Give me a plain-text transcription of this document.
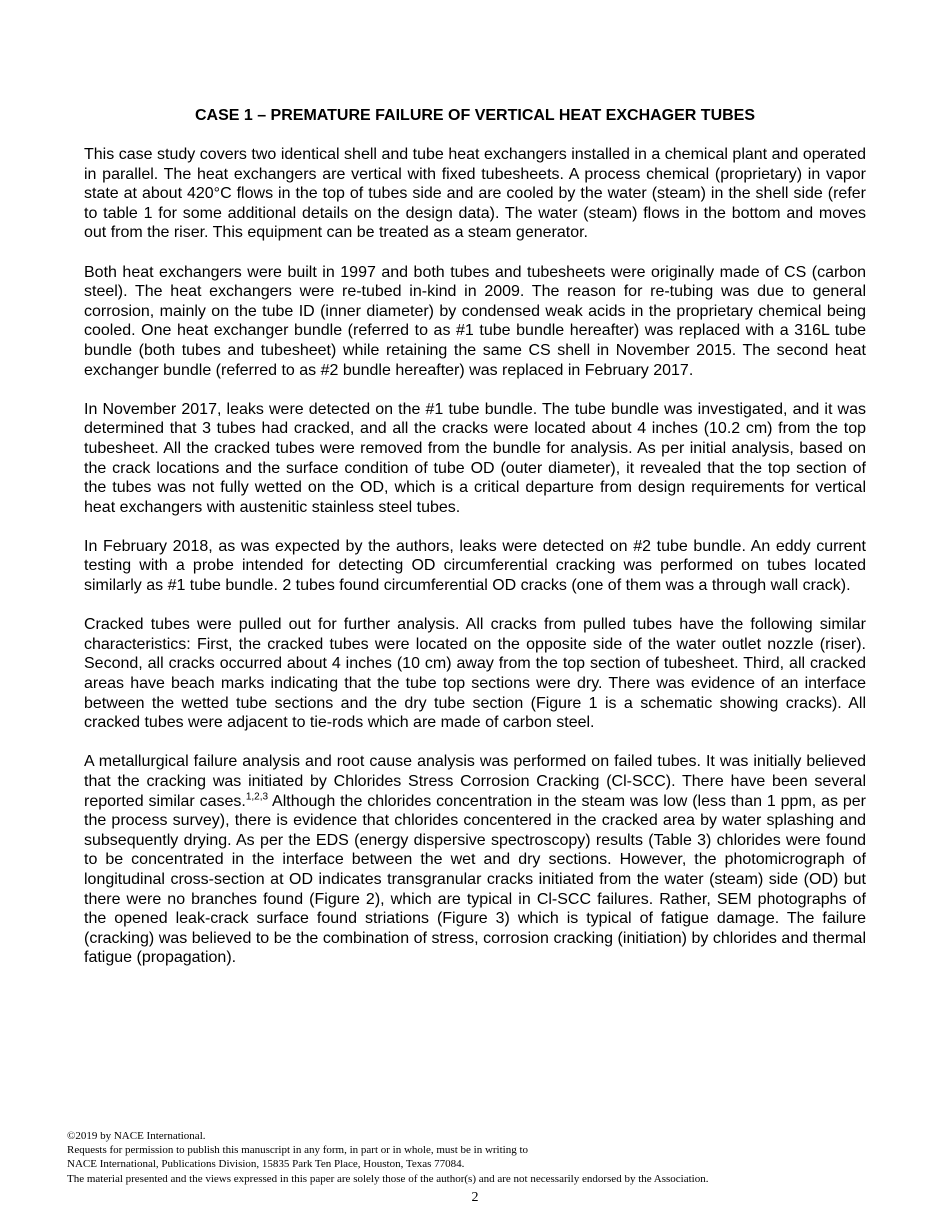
CASE 1 – PREMATURE FAILURE OF VERTICAL HEAT EXCHAGER TUBES

This case study covers two identical shell and tube heat exchangers installed in a chemical plant and operated in parallel. The heat exchangers are vertical with fixed tubesheets. A process chemical (proprietary) in vapor state at about 420°C flows in the top of tubes side and are cooled by the water (steam) in the shell side (refer to table 1 for some additional details on the design data). The water (steam) flows in the bottom and moves out from the riser. This equipment can be treated as a steam generator.

Both heat exchangers were built in 1997 and both tubes and tubesheets were originally made of CS (carbon steel). The heat exchangers were re-tubed in-kind in 2009. The reason for re-tubing was due to general corrosion, mainly on the tube ID (inner diameter) by condensed weak acids in the proprietary chemical being cooled. One heat exchanger bundle (referred to as #1 tube bundle hereafter) was replaced with a 316L tube bundle (both tubes and tubesheet) while retaining the same CS shell in November 2015. The second heat exchanger bundle (referred to as #2 bundle hereafter) was replaced in February 2017.

In November 2017, leaks were detected on the #1 tube bundle. The tube bundle was investigated, and it was determined that 3 tubes had cracked, and all the cracks were located about 4 inches (10.2 cm) from the top tubesheet. All the cracked tubes were removed from the bundle for analysis. As per initial analysis, based on the crack locations and the surface condition of tube OD (outer diameter), it revealed that the top section of the tubes was not fully wetted on the OD, which is a critical departure from design requirements for vertical heat exchangers with austenitic stainless steel tubes.

In February 2018, as was expected by the authors, leaks were detected on #2 tube bundle. An eddy current testing with a probe intended for detecting OD circumferential cracking was performed on tubes located similarly as #1 tube bundle. 2 tubes found circumferential OD cracks (one of them was a through wall crack).

Cracked tubes were pulled out for further analysis. All cracks from pulled tubes have the following similar characteristics: First, the cracked tubes were located on the opposite side of the water outlet nozzle (riser). Second, all cracks occurred about 4 inches (10 cm) away from the top section of tubesheet. Third, all cracked areas have beach marks indicating that the tube top sections were dry. There was evidence of an interface between the wetted tube sections and the dry tube section (Figure 1 is a schematic showing cracks). All cracked tubes were adjacent to tie-rods which are made of carbon steel.

A metallurgical failure analysis and root cause analysis was performed on failed tubes. It was initially believed that the cracking was initiated by Chlorides Stress Corrosion Cracking (Cl-SCC). There have been several reported similar cases.$^{1,2,3}$ Although the chlorides concentration in the steam was low (less than 1 ppm, as per the process survey), there is evidence that chlorides concentered in the cracked area by water splashing and subsequently drying. As per the EDS (energy dispersive spectroscopy) results (Table 3) chlorides were found to be concentrated in the interface between the wet and dry sections. However, the photomicrograph of longitudinal cross-section at OD indicates transgranular cracks initiated from the water (steam) side (OD) but there were no branches found (Figure 2), which are typical in Cl-SCC failures. Rather, SEM photographs of the opened leak-crack surface found striations (Figure 3) which is typical of fatigue damage. The failure (cracking) was believed to be the combination of stress, corrosion cracking (initiation) by chlorides and thermal fatigue (propagation).

©2019 by NACE International.
Requests for permission to publish this manuscript in any form, in part or in whole, must be in writing to
NACE International, Publications Division, 15835 Park Ten Place, Houston, Texas 77084.
The material presented and the views expressed in this paper are solely those of the author(s) and are not necessarily endorsed by the Association.
2
